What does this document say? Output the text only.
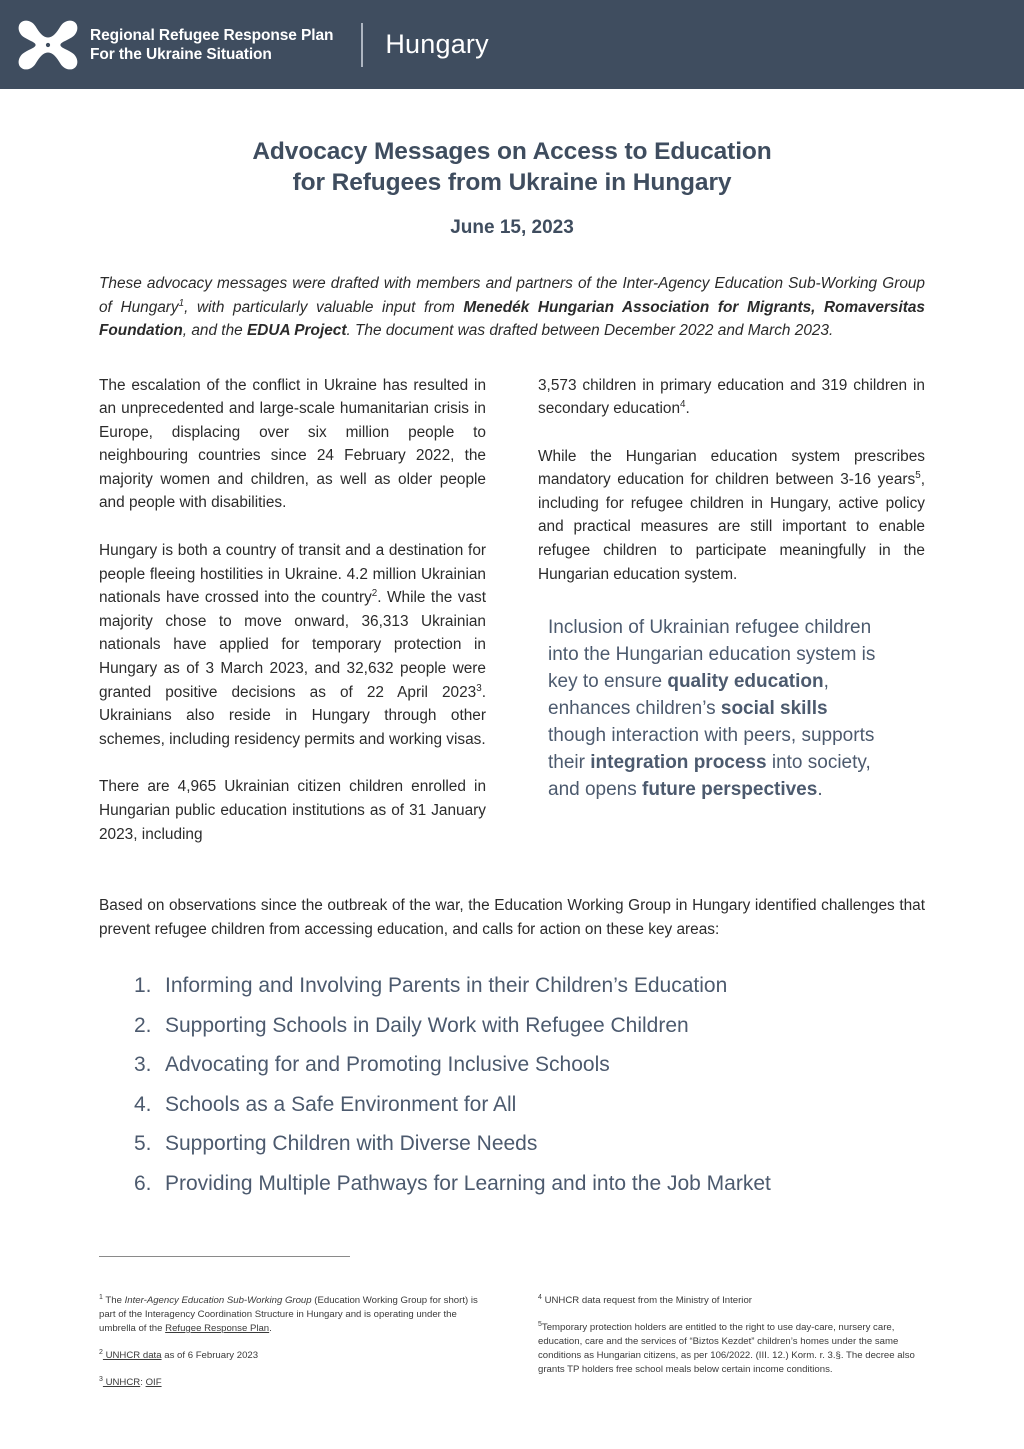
Regional Refugee Response Plan
For the Ukraine Situation	Hungary
Advocacy Messages on Access to Education
for Refugees from Ukraine in Hungary
June 15, 2023

These advocacy messages were drafted with members and partners of the Inter-Agency Education Sub-Working Group of Hungary$^1$, with particularly valuable input from Menedék Hungarian Association for Migrants, Romaversitas Foundation, and the EDUA Project. The document was drafted between December 2022 and March 2023.

The escalation of the conflict in Ukraine has resulted in an unprecedented and large-scale humanitarian crisis in Europe, displacing over six million people to neighbouring countries since 24 February 2022, the majority women and children, as well as older people and people with disabilities.

Hungary is both a country of transit and a destination for people fleeing hostilities in Ukraine. 4.2 million Ukrainian nationals have crossed into the country$^2$. While the vast majority chose to move onward, 36,313 Ukrainian nationals have applied for temporary protection in Hungary as of 3 March 2023, and 32,632 people were granted positive decisions as of 22 April 2023$^3$. Ukrainians also reside in Hungary through other schemes, including residency permits and working visas.

There are 4,965 Ukrainian citizen children enrolled in Hungarian public education institutions as of 31 January 2023, including

3,573 children in primary education and 319 children in secondary education$^4$.

While the Hungarian education system prescribes mandatory education for children between 3-16 years$^5$, including for refugee children in Hungary, active policy and practical measures are still important to enable refugee children to participate meaningfully in the Hungarian education system.

Inclusion of Ukrainian refugee children into the Hungarian education system is key to ensure quality education, enhances children’s social skills though interaction with peers, supports their integration process into society, and opens future perspectives.

Based on observations since the outbreak of the war, the Education Working Group in Hungary identified challenges that prevent refugee children from accessing education, and calls for action on these key areas:

1. Informing and Involving Parents in their Children’s Education
2. Supporting Schools in Daily Work with Refugee Children
3. Advocating for and Promoting Inclusive Schools
4. Schools as a Safe Environment for All
5. Supporting Children with Diverse Needs
6. Providing Multiple Pathways for Learning and into the Job Market

$^1$ The Inter-Agency Education Sub-Working Group (Education Working Group for short) is part of the Interagency Coordination Structure in Hungary and is operating under the umbrella of the Refugee Response Plan.

$^2$ UNHCR data as of 6 February 2023

$^3$ UNHCR: OIF

$^4$ UNHCR data request from the Ministry of Interior

$^5$Temporary protection holders are entitled to the right to use day-care, nursery care, education, care and the services of “Biztos Kezdet” children’s homes under the same conditions as Hungarian citizens, as per 106/2022. (III. 12.) Korm. r. 3.§. The decree also grants TP holders free school meals below certain income conditions.
